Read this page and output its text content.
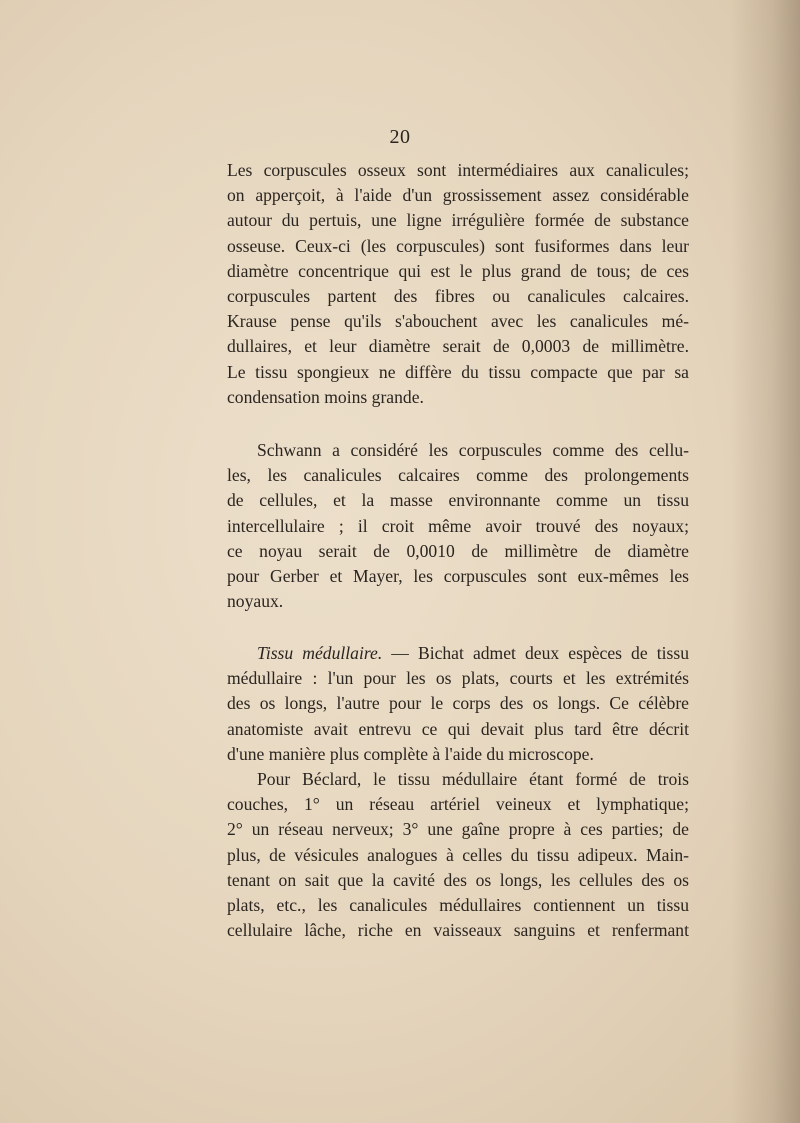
20
Les corpuscules osseux sont intermédiaires aux canalicules;
on apperçoit, à l'aide d'un grossissement assez considérable
autour du pertuis, une ligne irrégulière formée de substance
osseuse. Ceux-ci (les corpuscules) sont fusiformes dans leur
diamètre concentrique qui est le plus grand de tous; de ces
corpuscules partent des fibres ou canalicules calcaires.
Krause pense qu'ils s'abouchent avec les canalicules mé-
dullaires, et leur diamètre serait de 0,0003 de millimètre.
Le tissu spongieux ne diffère du tissu compacte que par sa
condensation moins grande.
Schwann a considéré les corpuscules comme des cellu-
les, les canalicules calcaires comme des prolongements
de cellules, et la masse environnante comme un tissu
intercellulaire ; il croit même avoir trouvé des noyaux;
ce noyau serait de 0,0010 de millimètre de diamètre
pour Gerber et Mayer, les corpuscules sont eux-mêmes les
noyaux.
Tissu médullaire. — Bichat admet deux espèces de tissu
médullaire : l'un pour les os plats, courts et les extrémités
des os longs, l'autre pour le corps des os longs. Ce célèbre
anatomiste avait entrevu ce qui devait plus tard être décrit
d'une manière plus complète à l'aide du microscope.
Pour Béclard, le tissu médullaire étant formé de trois
couches, 1° un réseau artériel veineux et lymphatique;
2° un réseau nerveux; 3° une gaîne propre à ces parties; de
plus, de vésicules analogues à celles du tissu adipeux. Main-
tenant on sait que la cavité des os longs, les cellules des os
plats, etc., les canalicules médullaires contiennent un tissu
cellulaire lâche, riche en vaisseaux sanguins et renfermant
